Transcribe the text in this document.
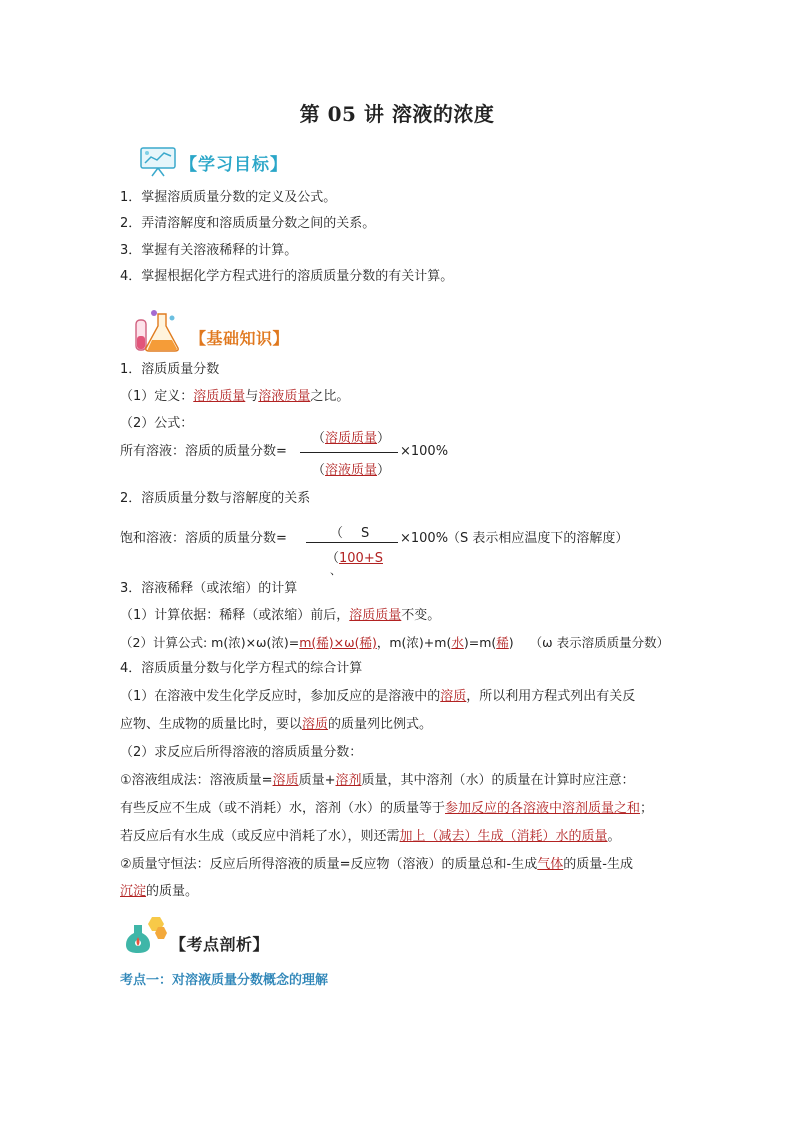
第 05 讲 溶液的浓度
【学习目标】
1．掌握溶质质量分数的定义及公式。
2．弄清溶解度和溶质质量分数之间的关系。
3．掌握有关溶液稀释的计算。
4．掌握根据化学方程式进行的溶质质量分数的有关计算。
【基础知识】
1．溶质质量分数
（1）定义：溶质质量与溶液质量之比。
（2）公式：
（溶质质量）
所有溶液：溶质的质量分数=	×100%
（溶液质量）
2．溶质质量分数与溶解度的关系
（ S
饱和溶液：溶质的质量分数=	×100%
（S 表示相应温度下的溶解度）
（100+S
、
3．溶液稀释（或浓缩）的计算
（1）计算依据：稀释（或浓缩）前后，溶质质量不变。
（2）计算公式: m(浓)×ω(浓)=m(稀)×ω(稀)，m(浓)+m(水)=m(稀) （ω 表示溶质质量分数）
4．溶质质量分数与化学方程式的综合计算
（1）在溶液中发生化学反应时，参加反应的是溶液中的溶质，所以利用方程式列出有关反
应物、生成物的质量比时，要以溶质的质量列比例式。
（2）求反应后所得溶液的溶质质量分数：
①溶液组成法：溶液质量=溶质质量+溶剂质量，其中溶剂（水）的质量在计算时应注意：
有些反应不生成（或不消耗）水，溶剂（水）的质量等于参加反应的各溶液中溶剂质量之和；
若反应后有水生成（或反应中消耗了水），则还需加上（减去）生成（消耗）水的质量。
②质量守恒法：反应后所得溶液的质量=反应物（溶液）的质量总和-生成气体的质量-生成
沉淀的质量。
【考点剖析】
考点一：对溶液质量分数概念的理解
